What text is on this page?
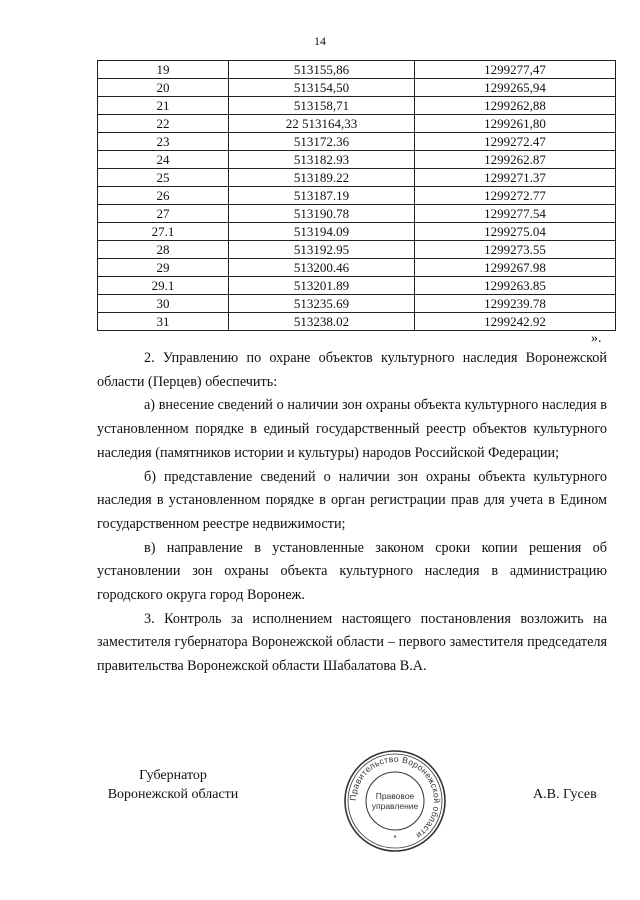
14
19	513155,86	1299277,47
20	513154,50	1299265,94
21	513158,71	1299262,88
22	22 513164,33	1299261,80
23	513172.36	1299272.47
24	513182.93	1299262.87
25	513189.22	1299271.37
26	513187.19	1299272.77
27	513190.78	1299277.54
27.1	513194.09	1299275.04
28	513192.95	1299273.55
29	513200.46	1299267.98
29.1	513201.89	1299263.85
30	513235.69	1299239.78
31	513238.02	1299242.92
».

2. Управлению по охране объектов культурного наследия Воронежской области (Перцев) обеспечить:

а) внесение сведений о наличии зон охраны объекта культурного наследия в установленном порядке в единый государственный реестр объектов культурного наследия (памятников истории и культуры) народов Российской Федерации;

б) представление сведений о наличии зон охраны объекта культурного наследия в установленном порядке в орган регистрации прав для учета в Едином государственном реестре недвижимости;

в) направление в установленные законом сроки копии решения об установлении зон охраны объекта культурного наследия в администрацию городского округа город Воронеж.

3. Контроль за исполнением настоящего постановления возложить на заместителя губернатора Воронежской области – первого заместителя председателя правительства Воронежской области Шабалатова В.А.

Губернатор
Воронежской области	Правительство Воронежской области
Правовое
управление
*
А.В. Гусев
